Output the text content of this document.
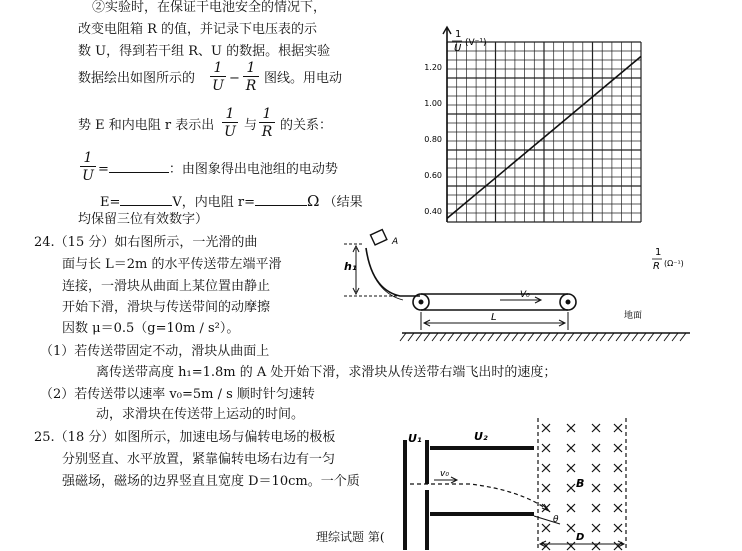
②实验时，在保证干电池安全的情况下，
改变电阻箱 R 的值，并记录下电压表的示
数 U，得到若干组 R、U 的数据。根据实验
数据绘出如图所示的 $\frac{1}{U} - \frac{1}{R}$ 图线。用电动
势 E 和内电阻 r 表示出 $\frac{1}{U}$ 与 $\frac{1}{R}$ 的关系：
$\frac{1}{U}$ =	：由图象得出电池组的电动势
E=	V，内电阻 r=	Ω （结果
均保留三位有效数字）
24.（15 分）如右图所示，一光滑的曲
面与长 L＝2m 的水平传送带左端平滑
连接，一滑块从曲面上某位置由静止
开始下滑，滑块与传送带间的动摩擦
因数 μ＝0.5（g=10m / s²）。
（1）若传送带固定不动，滑块从曲面上
离传送带高度 h₁=1.8m 的 A 处开始下滑，求滑块从传送带右端飞出时的速度；
（2）若传送带以速率 v₀=5m / s 顺时针匀速转
动，求滑块在传送带上运动的时间。
25.（18 分）如图所示，加速电场与偏转电场的极板
分别竖直、水平放置，紧靠偏转电场右边有一匀
强磁场，磁场的边界竖直且宽度 D＝10cm。一个质
理综试题 第(
0.40
0.60
0.80
1.00
1.20
1
U (V⁻¹)
1
R (Ω⁻¹)
A
h₁
V₀
L	地面
U₁	U₂
v₀
B
θ
D
